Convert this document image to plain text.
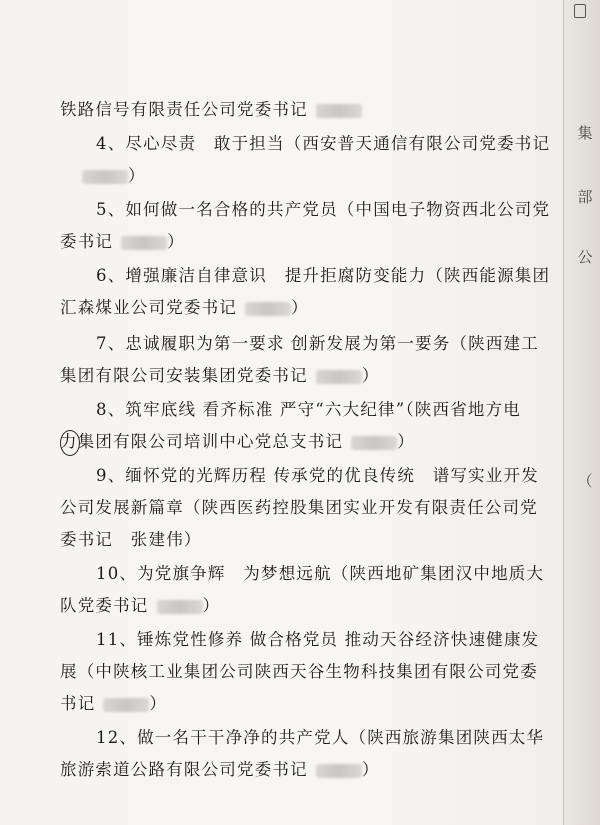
集
部
公
（
铁路信号有限责任公司党委书记
4、尽心尽责　敢于担当（西安普天通信有限公司党委书记
）
5、如何做一名合格的共产党员（中国电子物资西北公司党
委书记	）
6、增强廉洁自律意识　提升拒腐防变能力（陕西能源集团
汇森煤业公司党委书记	）
7、忠诚履职为第一要求 创新发展为第一要务（陕西建工
集团有限公司安装集团党委书记	）
8、筑牢底线 看齐标准 严守“六大纪律”（陕西省地方电
力集团有限公司培训中心党总支书记	）
9、缅怀党的光辉历程 传承党的优良传统　谱写实业开发
公司发展新篇章（陕西医药控股集团实业开发有限责任公司党
委书记　张建伟）
10、为党旗争辉　为梦想远航（陕西地矿集团汉中地质大
队党委书记	）
11、锤炼党性修养 做合格党员 推动天谷经济快速健康发
展（中陕核工业集团公司陕西天谷生物科技集团有限公司党委
书记	）
12、做一名干干净净的共产党人（陕西旅游集团陕西太华
旅游索道公路有限公司党委书记	）
